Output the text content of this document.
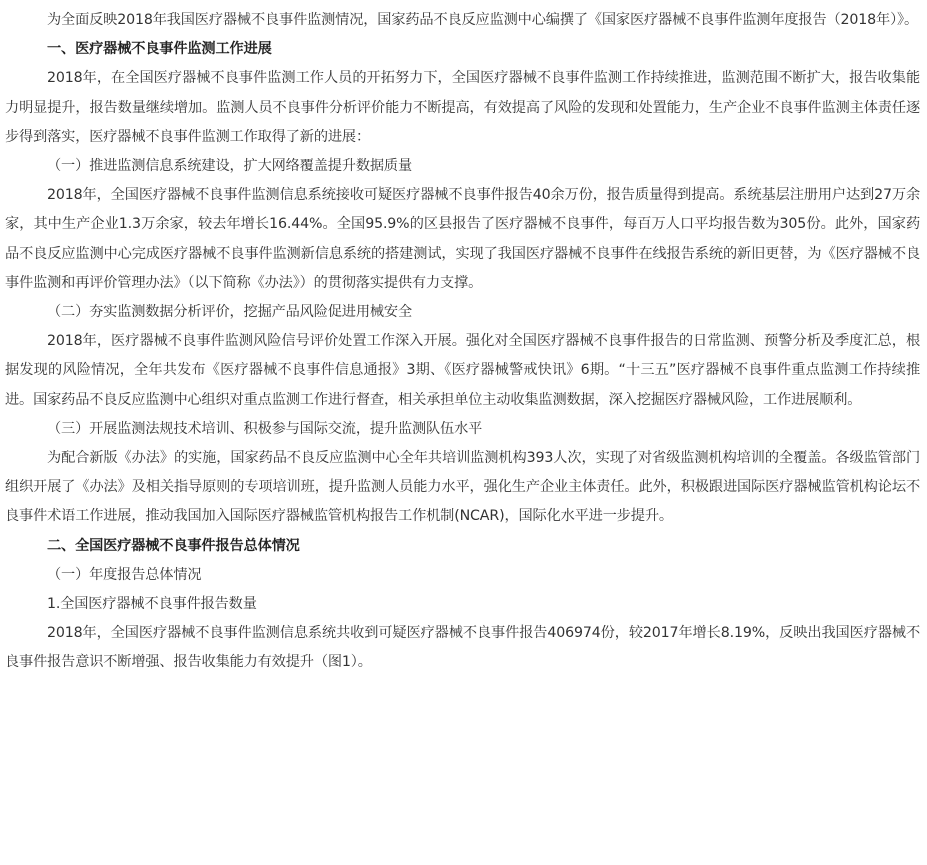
为全面反映2018年我国医疗器械不良事件监测情况，国家药品不良反应监测中心编撰了《国家医疗器械不良事件监测年度报告（2018年）》。

一、医疗器械不良事件监测工作进展

2018年，在全国医疗器械不良事件监测工作人员的开拓努力下，全国医疗器械不良事件监测工作持续推进，监测范围不断扩大，报告收集能力明显提升，报告数量继续增加。监测人员不良事件分析评价能力不断提高，有效提高了风险的发现和处置能力，生产企业不良事件监测主体责任逐步得到落实，医疗器械不良事件监测工作取得了新的进展：

（一）推进监测信息系统建设，扩大网络覆盖提升数据质量

2018年，全国医疗器械不良事件监测信息系统接收可疑医疗器械不良事件报告40余万份，报告质量得到提高。系统基层注册用户达到27万余家，其中生产企业1.3万余家，较去年增长16.44%。全国95.9%的区县报告了医疗器械不良事件，每百万人口平均报告数为305份。此外，国家药品不良反应监测中心完成医疗器械不良事件监测新信息系统的搭建测试，实现了我国医疗器械不良事件在线报告系统的新旧更替，为《医疗器械不良事件监测和再评价管理办法》（以下简称《办法》）的贯彻落实提供有力支撑。

（二）夯实监测数据分析评价，挖掘产品风险促进用械安全

2018年，医疗器械不良事件监测风险信号评价处置工作深入开展。强化对全国医疗器械不良事件报告的日常监测、预警分析及季度汇总，根据发现的风险情况，全年共发布《医疗器械不良事件信息通报》3期、《医疗器械警戒快讯》6期。“十三五”医疗器械不良事件重点监测工作持续推进。国家药品不良反应监测中心组织对重点监测工作进行督查，相关承担单位主动收集监测数据，深入挖掘医疗器械风险，工作进展顺利。

（三）开展监测法规技术培训、积极参与国际交流，提升监测队伍水平

为配合新版《办法》的实施，国家药品不良反应监测中心全年共培训监测机构393人次，实现了对省级监测机构培训的全覆盖。各级监管部门组织开展了《办法》及相关指导原则的专项培训班，提升监测人员能力水平，强化生产企业主体责任。此外，积极跟进国际医疗器械监管机构论坛不良事件术语工作进展，推动我国加入国际医疗器械监管机构报告工作机制(NCAR)，国际化水平进一步提升。

二、全国医疗器械不良事件报告总体情况

（一）年度报告总体情况

1.全国医疗器械不良事件报告数量

2018年，全国医疗器械不良事件监测信息系统共收到可疑医疗器械不良事件报告406974份，较2017年增长8.19%，反映出我国医疗器械不良事件报告意识不断增强、报告收集能力有效提升（图1）。
